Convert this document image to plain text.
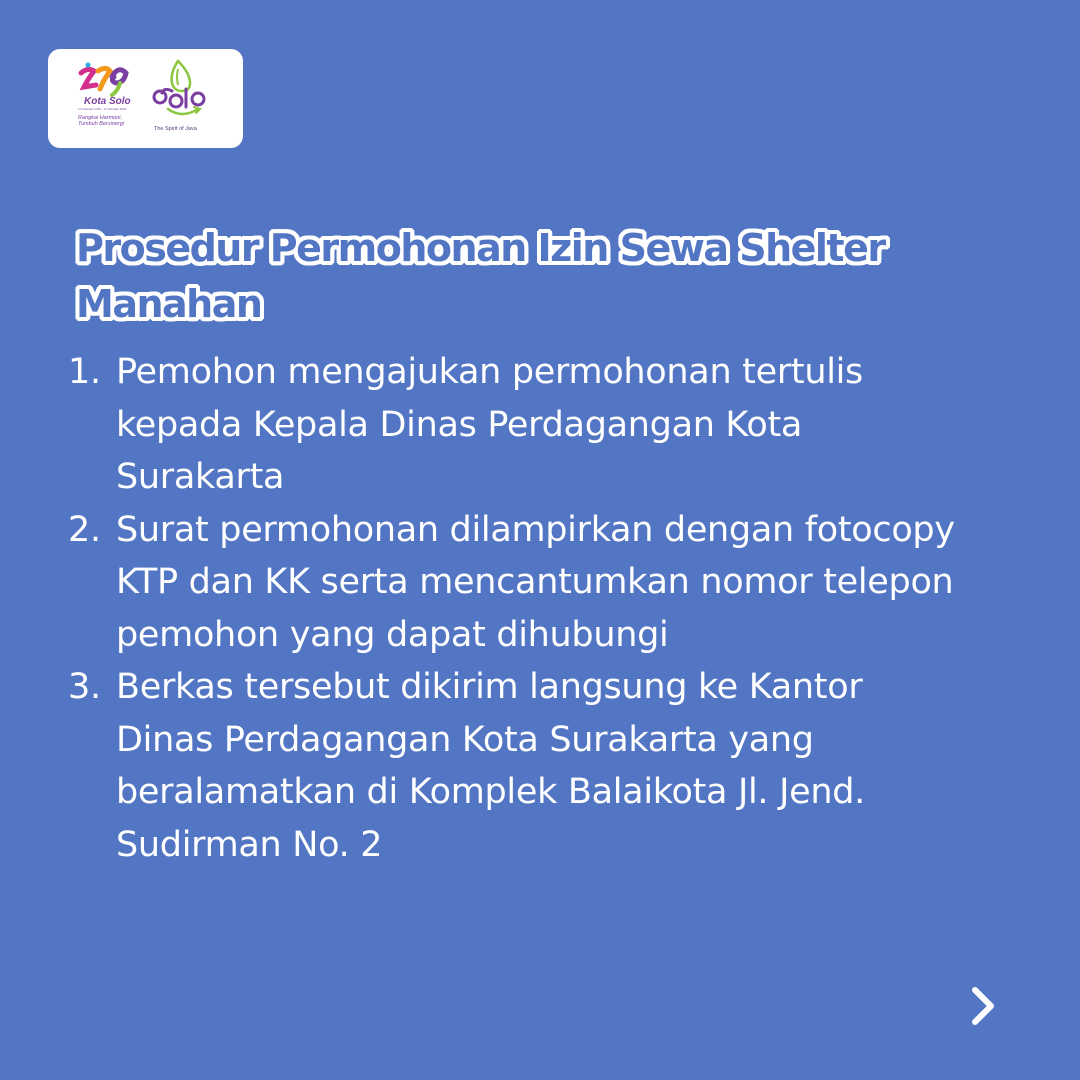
Kota Solo
17 Februari 1745 - 17 Februari 2024
Rangkai Harmoni,
Tumbuh Bersinergi
The Spirit of Java
Prosedur Permohonan Izin Sewa Shelter Manahan
1. Pemohon mengajukan permohonan tertulis kepada Kepala Dinas Perdagangan Kota Surakarta
2. Surat permohonan dilampirkan dengan fotocopy KTP dan KK serta mencantumkan nomor telepon pemohon yang dapat dihubungi
3. Berkas tersebut dikirim langsung ke Kantor Dinas Perdagangan Kota Surakarta yang beralamatkan di Komplek Balaikota Jl. Jend. Sudirman No. 2
